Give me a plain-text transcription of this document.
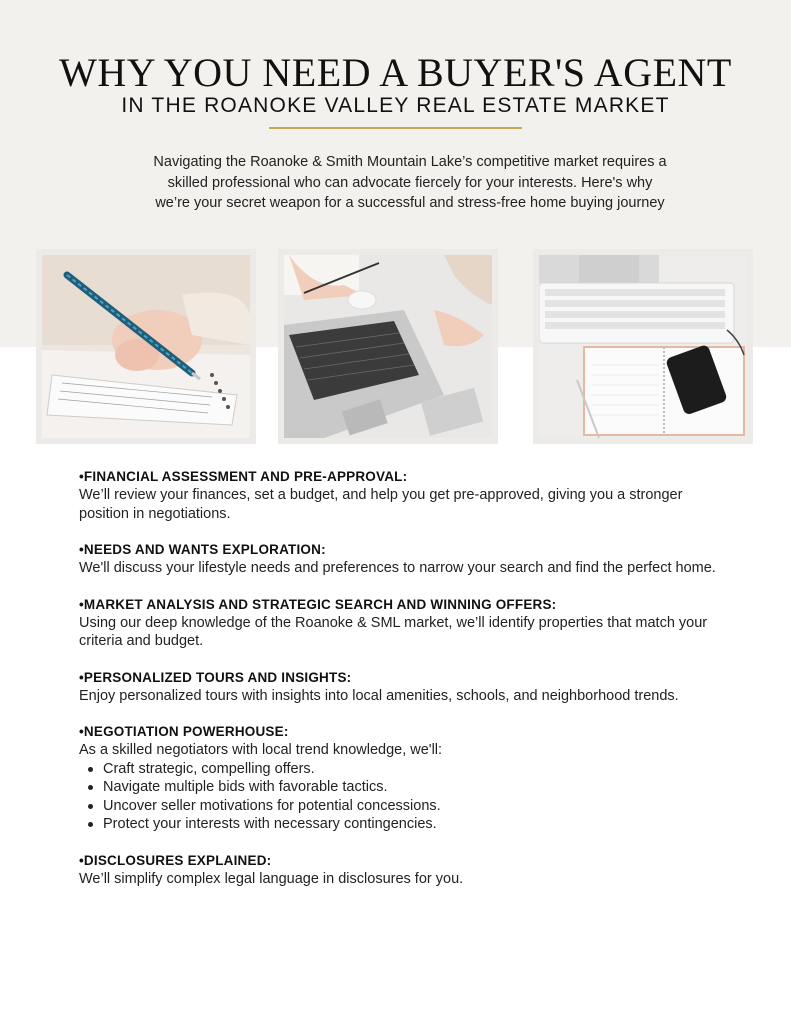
WHY YOU NEED A BUYER'S AGENT
IN THE ROANOKE VALLEY REAL ESTATE MARKET

Navigating the Roanoke & Smith Mountain Lake’s competitive market requires a skilled professional who can advocate fiercely for your interests. Here's why we’re your secret weapon for a successful and stress-free home buying journey

•FINANCIAL ASSESSMENT AND PRE-APPROVAL:

We’ll review your finances, set a budget, and help you get pre-approved, giving you a stronger position in negotiations.

•NEEDS AND WANTS EXPLORATION:

We'll discuss your lifestyle needs and preferences to narrow your search and find the perfect home.

•MARKET ANALYSIS AND STRATEGIC SEARCH AND WINNING OFFERS:

Using our deep knowledge of the Roanoke & SML market, we’ll identify properties that match your criteria and budget.

•PERSONALIZED TOURS AND INSIGHTS:

Enjoy personalized tours with insights into local amenities, schools, and neighborhood trends.

•NEGOTIATION POWERHOUSE:

As a skilled negotiators with local trend knowledge, we'll:

Craft strategic, compelling offers.
Navigate multiple bids with favorable tactics.
Uncover seller motivations for potential concessions.
Protect your interests with necessary contingencies.
•DISCLOSURES EXPLAINED:

We’ll simplify complex legal language in disclosures for you.
